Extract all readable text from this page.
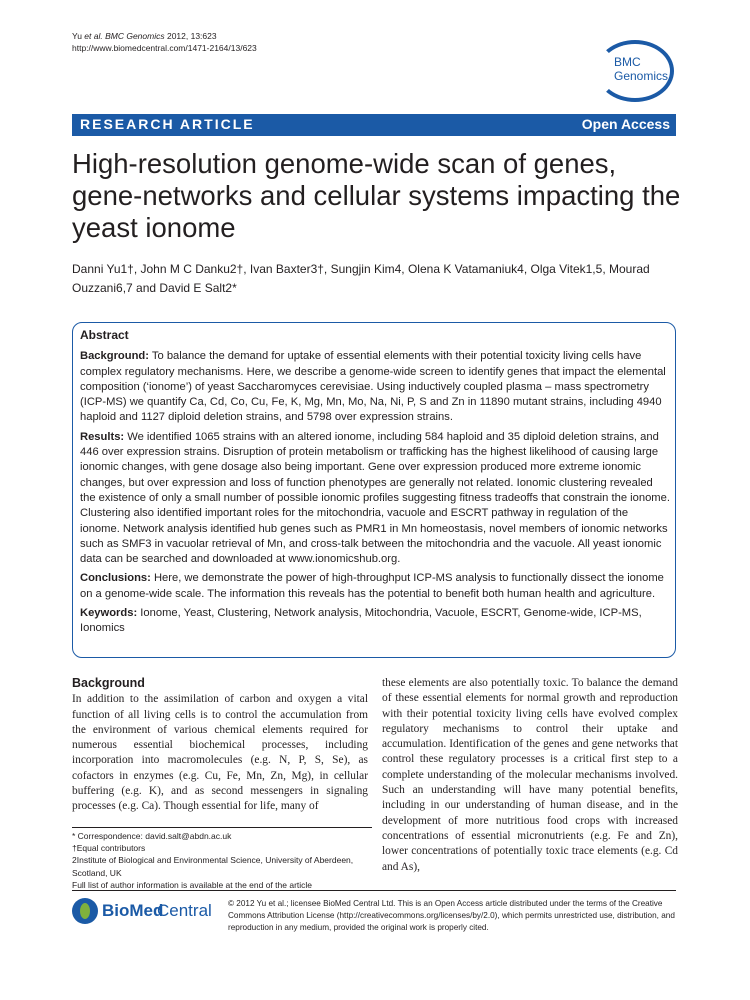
Yu et al. BMC Genomics 2012, 13:623
http://www.biomedcentral.com/1471-2164/13/623
BMC
Genomics
RESEARCH ARTICLE	Open Access
High-resolution genome-wide scan of genes, gene-networks and cellular systems impacting the yeast ionome
Danni Yu1†, John M C Danku2†, Ivan Baxter3†, Sungjin Kim4, Olena K Vatamaniuk4, Olga Vitek1,5, Mourad Ouzzani6,7 and David E Salt2*
Abstract

Background: To balance the demand for uptake of essential elements with their potential toxicity living cells have complex regulatory mechanisms. Here, we describe a genome-wide screen to identify genes that impact the elemental composition (‘ionome’) of yeast Saccharomyces cerevisiae. Using inductively coupled plasma – mass spectrometry (ICP-MS) we quantify Ca, Cd, Co, Cu, Fe, K, Mg, Mn, Mo, Na, Ni, P, S and Zn in 11890 mutant strains, including 4940 haploid and 1127 diploid deletion strains, and 5798 over expression strains.

Results: We identified 1065 strains with an altered ionome, including 584 haploid and 35 diploid deletion strains, and 446 over expression strains. Disruption of protein metabolism or trafficking has the highest likelihood of causing large ionomic changes, with gene dosage also being important. Gene over expression produced more extreme ionomic changes, but over expression and loss of function phenotypes are generally not related. Ionomic clustering revealed the existence of only a small number of possible ionomic profiles suggesting fitness tradeoffs that constrain the ionome. Clustering also identified important roles for the mitochondria, vacuole and ESCRT pathway in regulation of the ionome. Network analysis identified hub genes such as PMR1 in Mn homeostasis, novel members of ionomic networks such as SMF3 in vacuolar retrieval of Mn, and cross-talk between the mitochondria and the vacuole. All yeast ionomic data can be searched and downloaded at www.ionomicshub.org.

Conclusions: Here, we demonstrate the power of high-throughput ICP-MS analysis to functionally dissect the ionome on a genome-wide scale. The information this reveals has the potential to benefit both human health and agriculture.

Keywords: Ionome, Yeast, Clustering, Network analysis, Mitochondria, Vacuole, ESCRT, Genome-wide, ICP-MS, Ionomics

Background
In addition to the assimilation of carbon and oxygen a vital function of all living cells is to control the accumulation from the environment of various chemical elements required for numerous essential biochemical processes, including incorporation into macromolecules (e.g. N, P, S, Se), as cofactors in enzymes (e.g. Cu, Fe, Mn, Zn, Mg), in cellular buffering (e.g. K), and as second messengers in signaling processes (e.g. Ca). Though essential for life, many of
these elements are also potentially toxic. To balance the demand of these essential elements for normal growth and reproduction with their potential toxicity living cells have evolved complex regulatory mechanisms to control their uptake and accumulation. Identification of the genes and gene networks that control these regulatory processes is a critical first step to a complete understanding of the molecular mechanisms involved. Such an understanding will have many potential benefits, including in our understanding of human disease, and in the development of more nutritious food crops with increased concentrations of essential micronutrients (e.g. Fe and Zn), lower concentrations of potentially toxic trace elements (e.g. Cd and As),
* Correspondence: david.salt@abdn.ac.uk
†Equal contributors
2Institute of Biological and Environmental Science, University of Aberdeen, Scotland, UK
Full list of author information is available at the end of the article
BioMed
Central © 2012 Yu et al.; licensee BioMed Central Ltd. This is an Open Access article distributed under the terms of the Creative Commons Attribution License (http://creativecommons.org/licenses/by/2.0), which permits unrestricted use, distribution, and reproduction in any medium, provided the original work is properly cited.
